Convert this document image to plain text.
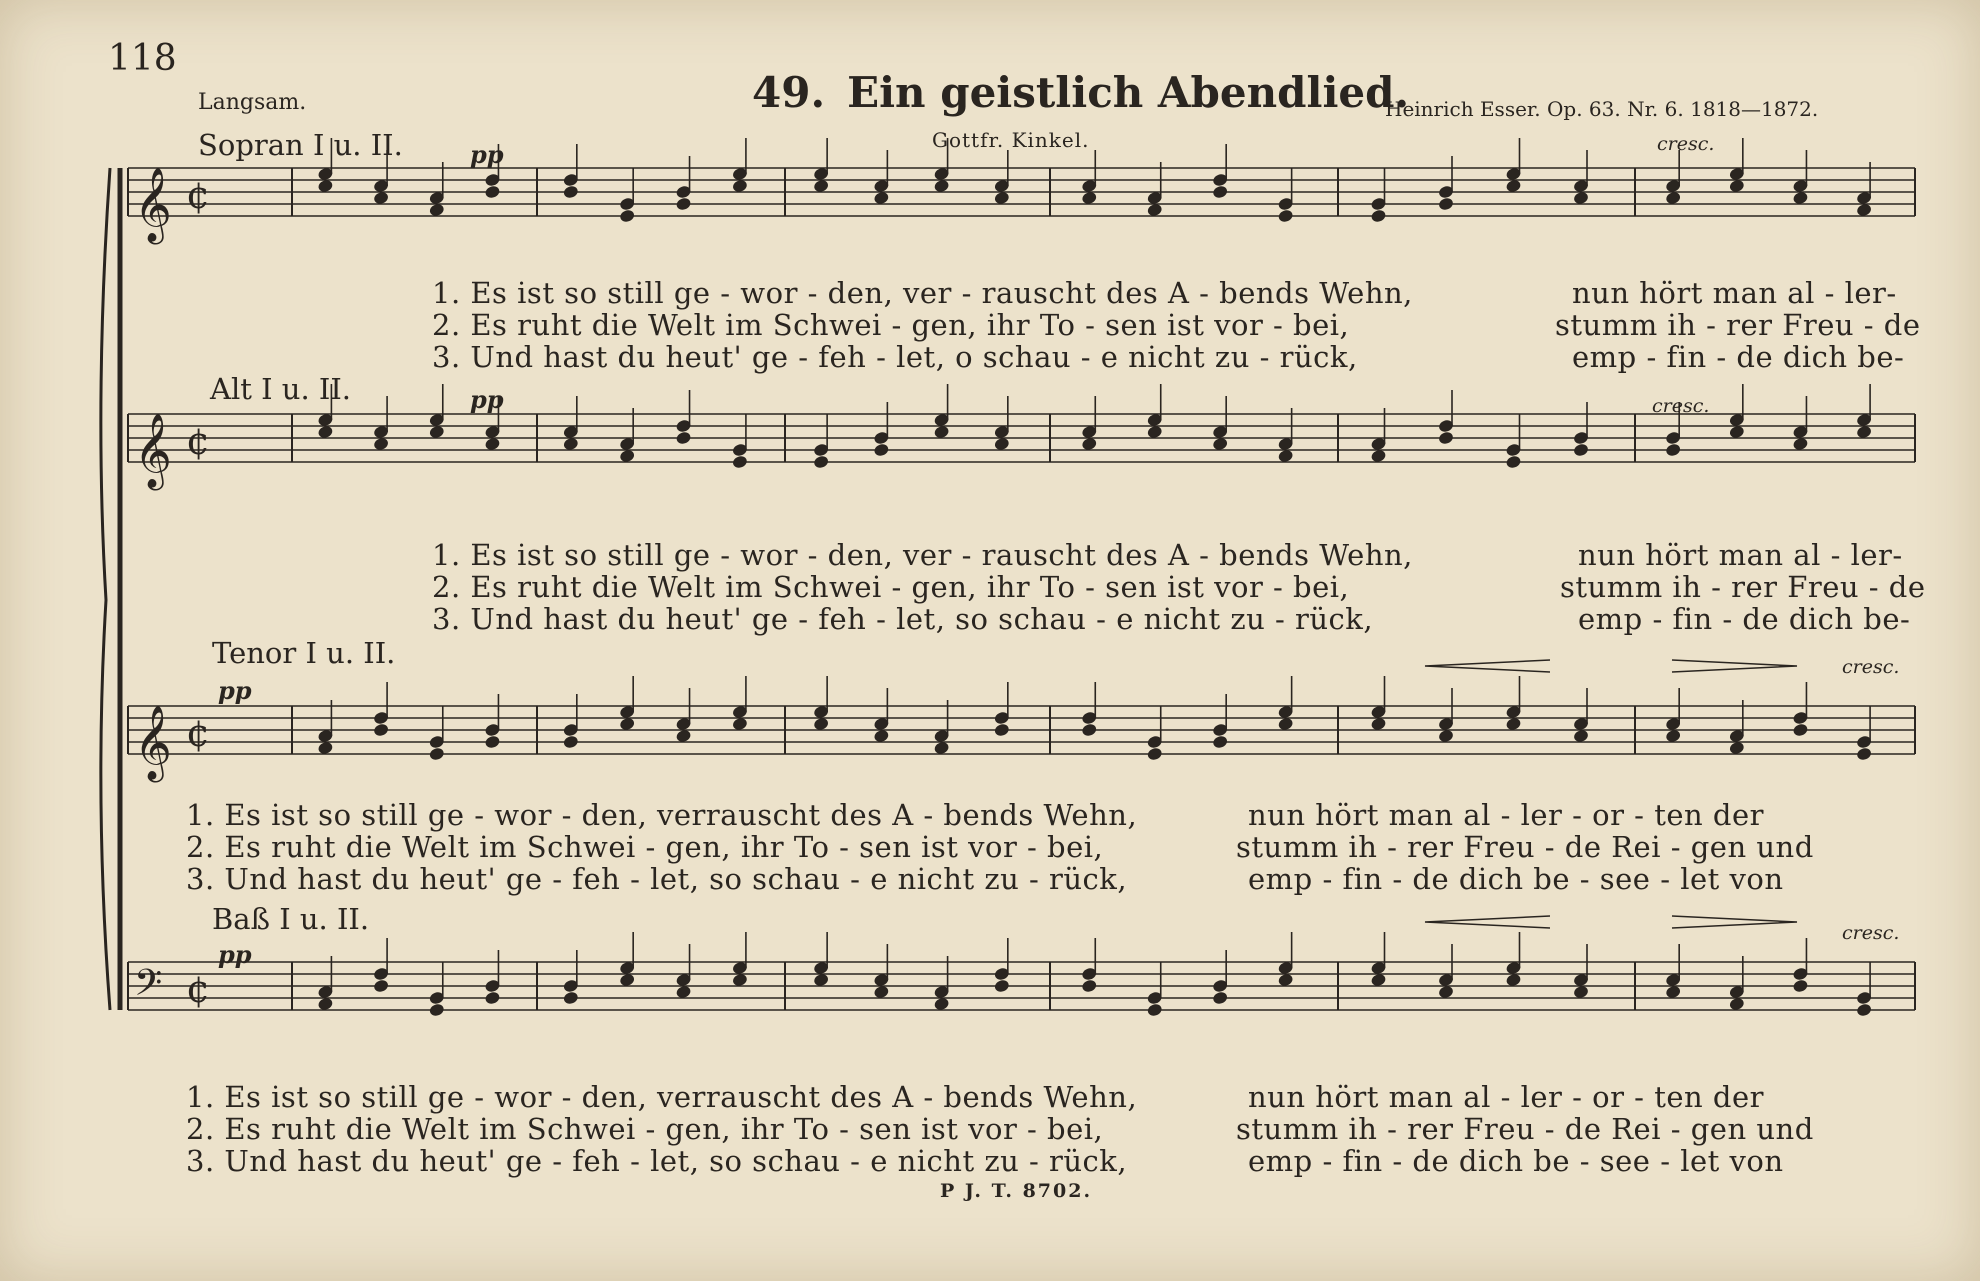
118
Langsam.	49. Ein geistlich Abendlied.
Gottfr. Kinkel.
Heinrich Esser. Op. 63. Nr. 6. 1818—1872.
𝄞 ¢
𝄞 ¢
𝄞 ¢
𝄢 ¢
Sopran I u. II.	pp	cresc.
1. Es ist so still ge - wor - den, ver - rauscht des A - bends Wehn,	nun hört man al - ler-
2. Es ruht die Welt im Schwei - gen, ihr To - sen ist vor - bei,	stumm ih - rer Freu - de
3. Und hast du heut' ge - feh - let, o schau - e nicht zu - rück,	emp - fin - de dich be-
Alt I u. II.	pp	cresc.
1. Es ist so still ge - wor - den, ver - rauscht des A - bends Wehn,	nun hört man al - ler-
2. Es ruht die Welt im Schwei - gen, ihr To - sen ist vor - bei,	stumm ih - rer Freu - de
3. Und hast du heut' ge - feh - let, so schau - e nicht zu - rück,	emp - fin - de dich be-
Tenor I u. II.
pp
cresc.
1. Es ist so still ge - wor - den, verrauscht des A - bends Wehn,	nun hört man al - ler - or - ten der
2. Es ruht die Welt im Schwei - gen, ihr To - sen ist vor - bei,	stumm ih - rer Freu - de Rei - gen und
3. Und hast du heut' ge - feh - let, so schau - e nicht zu - rück,	emp - fin - de dich be - see - let von
Baß I u. II.
pp
cresc.
1. Es ist so still ge - wor - den, verrauscht des A - bends Wehn,	nun hört man al - ler - or - ten der
2. Es ruht die Welt im Schwei - gen, ihr To - sen ist vor - bei,	stumm ih - rer Freu - de Rei - gen und
3. Und hast du heut' ge - feh - let, so schau - e nicht zu - rück,	emp - fin - de dich be - see - let von
P J. T. 8702.
